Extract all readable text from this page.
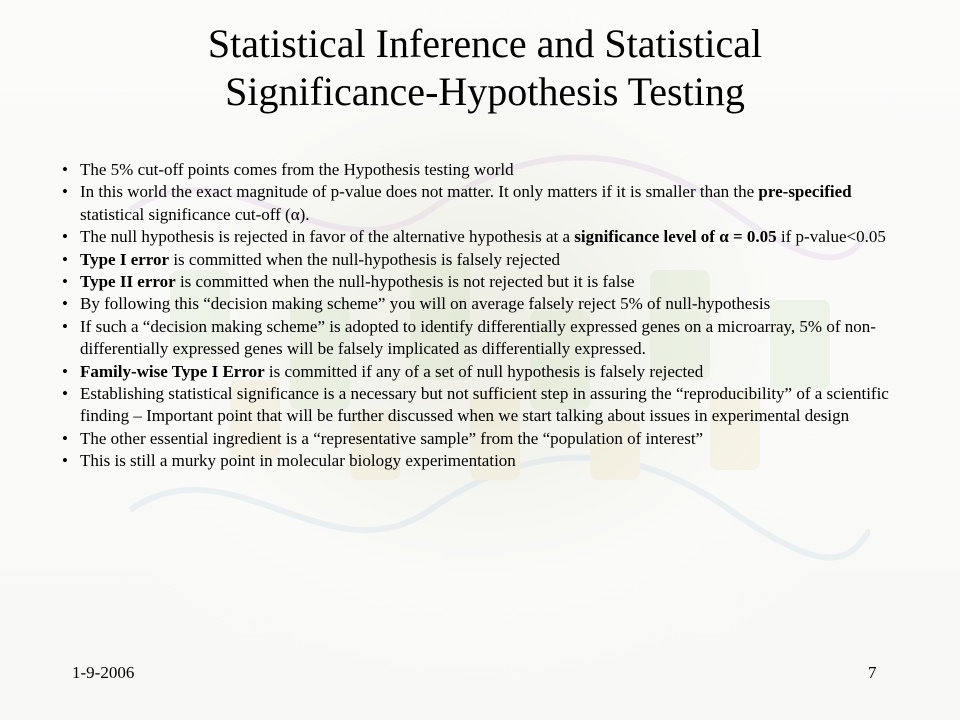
Statistical Inference and Statistical
Significance-Hypothesis Testing
• The 5% cut-off points comes from the Hypothesis testing world
• In this world the exact magnitude of p-value does not matter. It only matters if it is smaller than the pre-specified statistical significance cut-off (α).
• The null hypothesis is rejected in favor of the alternative hypothesis at a significance level of α = 0.05 if p-value<0.05
• Type I error is committed when the null-hypothesis is falsely rejected
• Type II error is committed when the null-hypothesis is not rejected but it is false
• By following this “decision making scheme” you will on average falsely reject 5% of null-hypothesis
• If such a “decision making scheme” is adopted to identify differentially expressed genes on a microarray, 5% of non-differentially expressed genes will be falsely implicated as differentially expressed.
• Family-wise Type I Error is committed if any of a set of null hypothesis is falsely rejected
• Establishing statistical significance is a necessary but not sufficient step in assuring the “reproducibility” of a scientific finding – Important point that will be further discussed when we start talking about issues in experimental design
• The other essential ingredient is a “representative sample” from the “population of interest”
• This is still a murky point in molecular biology experimentation
1-9-2006	7
